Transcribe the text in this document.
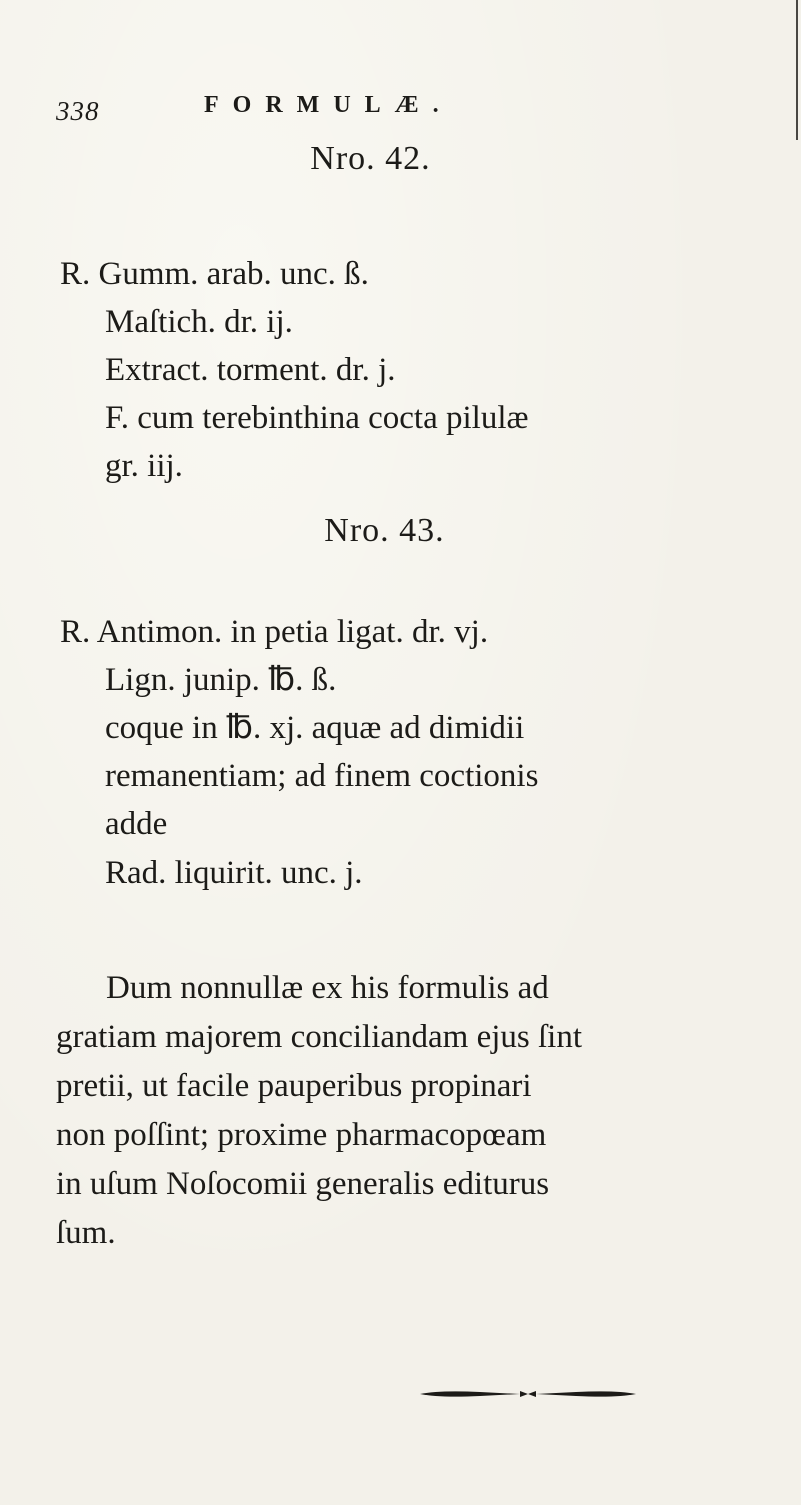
338	FORMULÆ.
Nro. 42.
R. Gumm. arab. unc. ß.
Maſtich. dr. ij.
Extract. torment. dr. j.
F. cum terebinthina cocta pilulæ
gr. iij.
Nro. 43.
R. Antimon. in petia ligat. dr. vj.
Lign. junip. ℔. ß.
coque in ℔. xj. aquæ ad dimidii
remanentiam; ad finem coctionis
adde
Rad. liquirit. unc. j.
Dum nonnullæ ex his formulis ad
gratiam majorem conciliandam ejus ſint
pretii, ut facile pauperibus propinari
non poſſint; proxime pharmacopœam
in uſum Noſocomii generalis editurus
ſum.
